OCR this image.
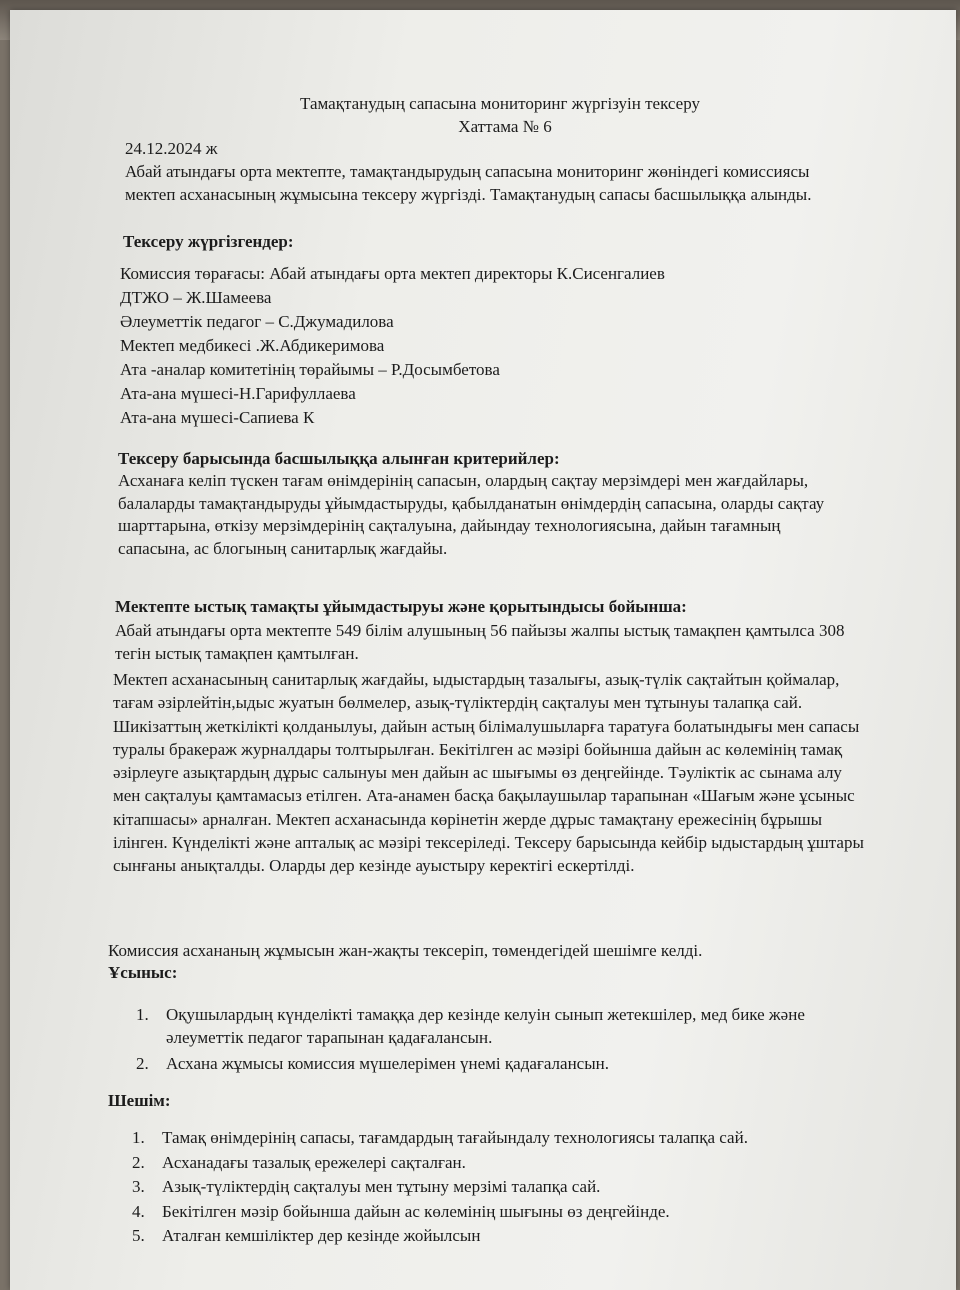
Тамақтанудың сапасына мониторинг жүргізуін тексеру
Хаттама № 6
24.12.2024 ж

Абай атындағы орта мектепте, тамақтандырудың сапасына мониторинг жөніндегі комиссиясы мектеп асханасының жұмысына тексеру жүргізді. Тамақтанудың сапасы басшылыққа алынды.

Тексеру жүргізгендер:
Комиссия төрағасы: Абай атындағы орта мектеп директоры К.Сисенгалиев
ДТЖО – Ж.Шамеева
Әлеуметтік педагог – С.Джумадилова
Мектеп медбикесі .Ж.Абдикеримова
Ата -аналар комитетінің төрайымы – Р.Досымбетова
Ата-ана мүшесі-Н.Гарифуллаева
Ата-ана мүшесі-Сапиева К
Тексеру барысында басшылыққа алынған критерийлер:

Асханаға келіп түскен тағам өнімдерінің сапасын, олардың сақтау мерзімдері мен жағдайлары, балаларды тамақтандыруды ұйымдастыруды, қабылданатын өнімдердің сапасына, оларды сақтау шарттарына, өткізу мерзімдерінің сақталуына, дайындау технологиясына, дайын тағамның сапасына, ас блогының санитарлық жағдайы.

Мектепте ыстық тамақты ұйымдастыруы және қорытындысы бойынша:

Абай атындағы орта мектепте 549 білім алушының 56 пайызы жалпы ыстық тамақпен қамтылса 308 тегін ыстық тамақпен қамтылған.

Мектеп асханасының санитарлық жағдайы, ыдыстардың тазалығы, азық-түлік сақтайтын қоймалар, тағам әзірлейтін,ыдыс жуатын бөлмелер, азық-түліктердің сақталуы мен тұтынуы талапқа сай. Шикізаттың жеткілікті қолданылуы, дайын астың білімалушыларға таратуға болатындығы мен сапасы туралы бракераж журналдары толтырылған. Бекітілген ас мәзірі бойынша дайын ас көлемінің тамақ әзірлеуге азықтардың дұрыс салынуы мен дайын ас шығымы өз деңгейінде. Тәуліктік ас сынама алу мен сақталуы қамтамасыз етілген. Ата-анамен басқа бақылаушылар тарапынан «Шағым және ұсыныс кітапшасы» арналған. Мектеп асханасында көрінетін жерде дұрыс тамақтану ережесінің бұрышы ілінген. Күнделікті және апталық ас мәзірі тексеріледі. Тексеру барысында кейбір ыдыстардың ұштары сынғаны анықталды. Оларды дер кезінде ауыстыру керектігі ескертілді.

Комиссия асхананың жұмысын жан-жақты тексеріп, төмендегідей шешімге келді.

Ұсыныс:
1. Оқушылардың күнделікті тамаққа дер кезінде келуін сынып жетекшілер, мед бике және әлеуметтік педагог тарапынан қадағалансын.
2. Асхана жұмысы комиссия мүшелерімен үнемі қадағалансын.
Шешім:
1. Тамақ өнімдерінің сапасы, тағамдардың тағайындалу технологиясы талапқа сай.
2. Асханадағы тазалық ережелері сақталған.
3. Азық-түліктердің сақталуы мен тұтыну мерзімі талапқа сай.
4. Бекітілген мәзір бойынша дайын ас көлемінің шығыны өз деңгейінде.
5. Аталған кемшіліктер дер кезінде жойылсын
